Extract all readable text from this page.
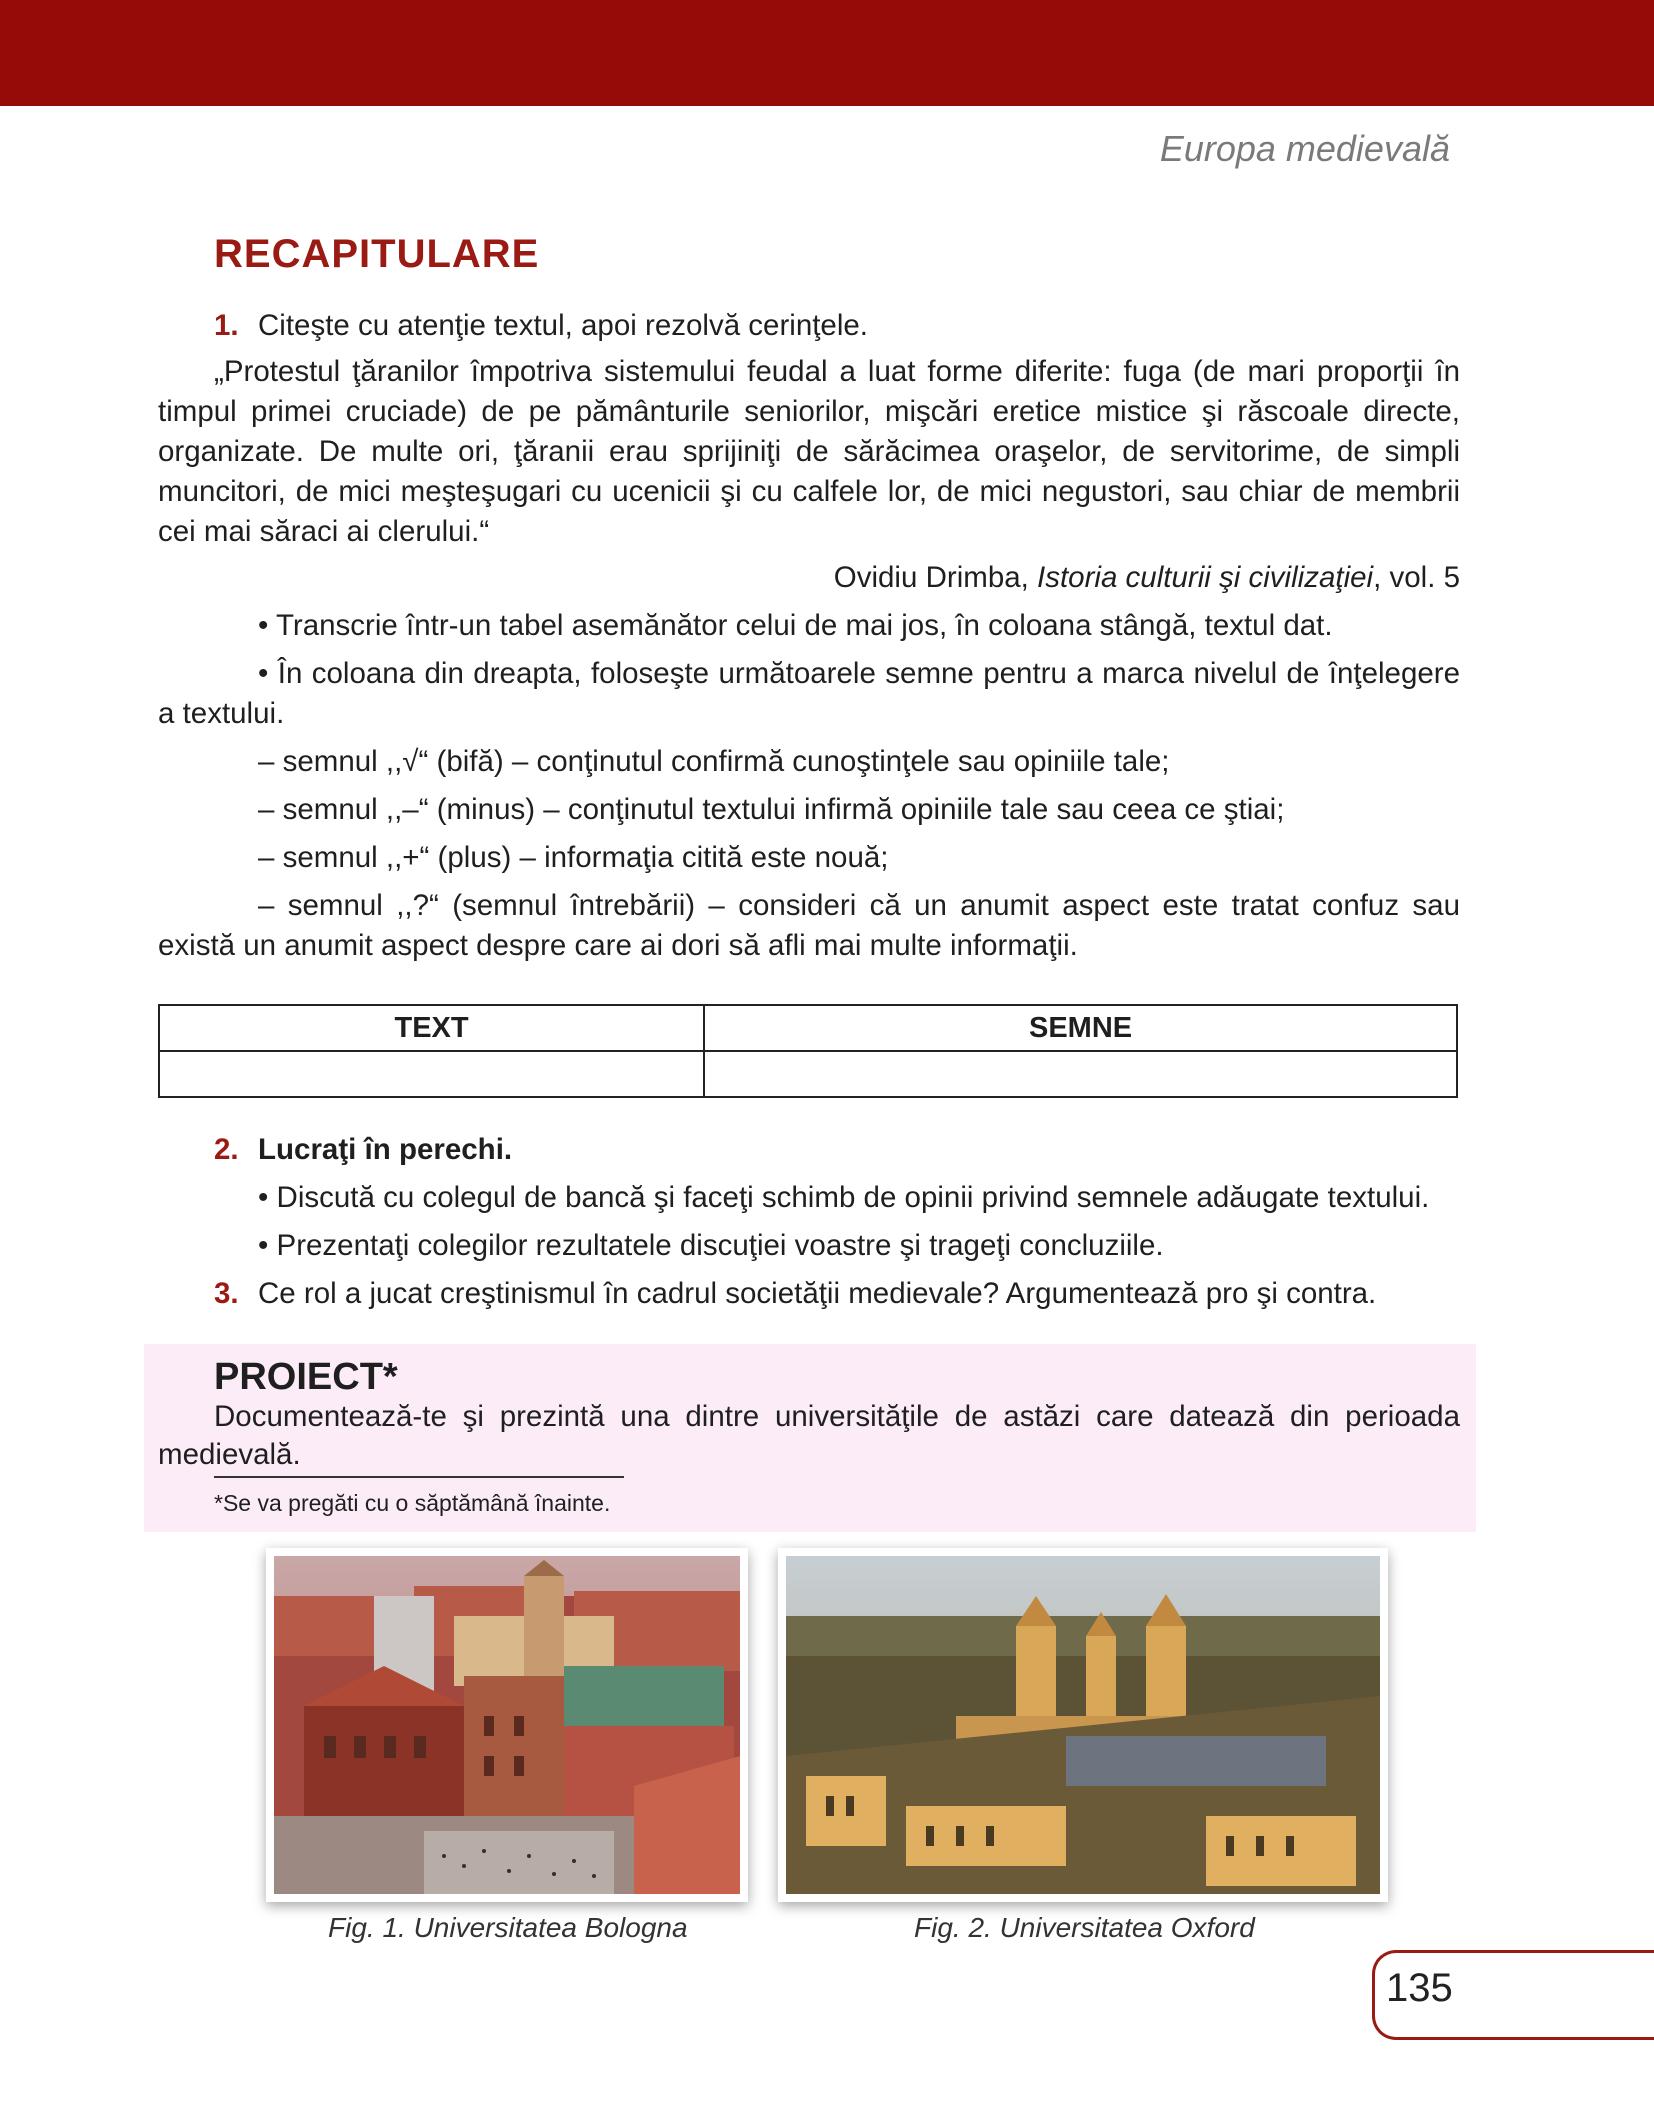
Europa medievală
RECAPITULARE

1. Citeşte cu atenţie textul, apoi rezolvă cerinţele.

„Protestul ţăranilor împotriva sistemului feudal a luat forme diferite: fuga (de mari proporţii în timpul primei cruciade) de pe pământurile seniorilor, mişcări eretice mistice şi răscoale directe, organizate. De multe ori, ţăranii erau sprijiniţi de sărăcimea oraşelor, de servitorime, de simpli muncitori, de mici meşteşugari cu ucenicii şi cu calfele lor, de mici negustori, sau chiar de membrii cei mai săraci ai clerului.“

Ovidiu Drimba, Istoria culturii şi civilizaţiei, vol. 5

• Transcrie într-un tabel asemănător celui de mai jos, în coloana stângă, textul dat.

• În coloana din dreapta, foloseşte următoarele semne pentru a marca nivelul de înţelegere a textului.

– semnul ,,√“ (bifă) – conţinutul confirmă cunoştinţele sau opiniile tale;

– semnul ,,–“ (minus) – conţinutul textului infirmă opiniile tale sau ceea ce ştiai;

– semnul ,,+“ (plus) – informaţia citită este nouă;

– semnul ,,?“ (semnul întrebării) – consideri că un anumit aspect este tratat confuz sau există un anumit aspect despre care ai dori să afli mai multe informaţii.

TEXT	SEMNE

2. Lucraţi în perechi.

• Discută cu colegul de bancă şi faceţi schimb de opinii privind semnele adăugate textului.

• Prezentaţi colegilor rezultatele discuţiei voastre şi trageţi concluziile.

3. Ce rol a jucat creştinismul în cadrul societăţii medievale? Argumentează pro şi contra.

PROIECT*
Documentează-te şi prezintă una dintre universităţile de astăzi care datează din perioada medievală.
*Se va pregăti cu o săptămână înainte.
Fig. 1. Universitatea Bologna	Fig. 2. Universitatea Oxford
135
